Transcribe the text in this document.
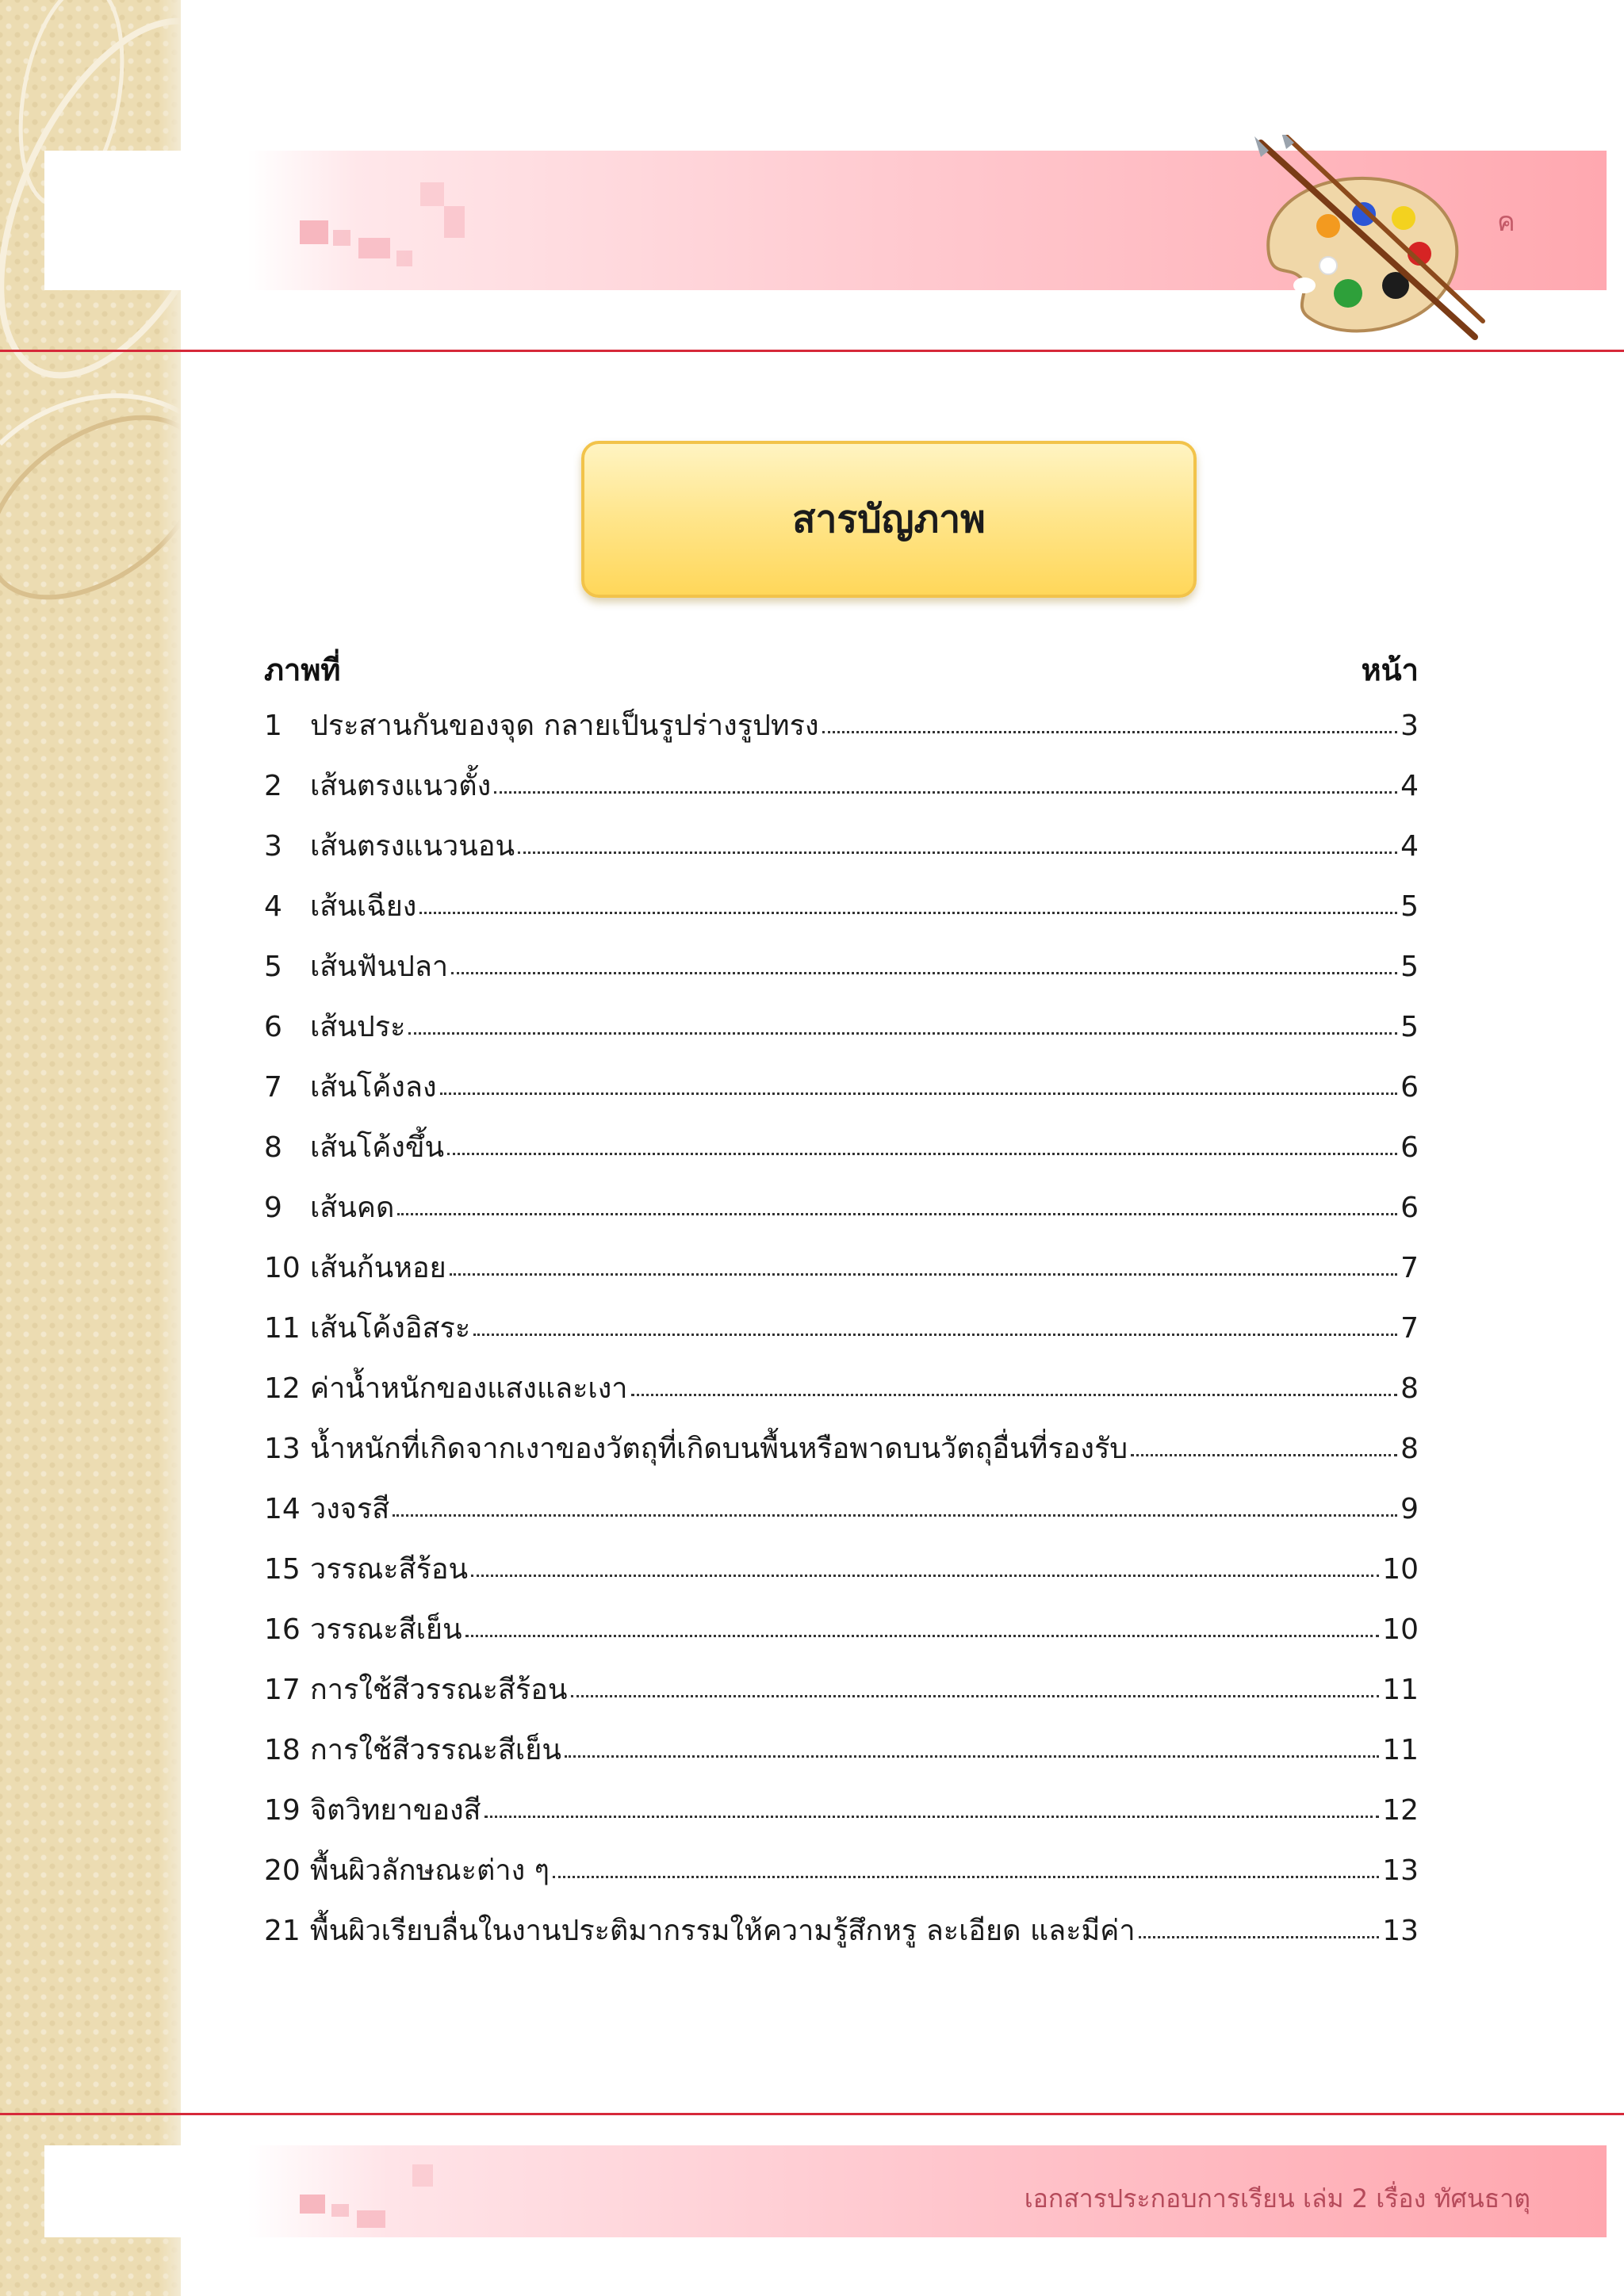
ค
สารบัญภาพ
ภาพที่	หน้า
1 ประสานกันของจุด กลายเป็นรูปร่างรูปทรง	3
2 เส้นตรงแนวตั้ง	4
3 เส้นตรงแนวนอน	4
4 เส้นเฉียง	5
5 เส้นฟันปลา	5
6 เส้นประ	5
7 เส้นโค้งลง	6
8 เส้นโค้งขึ้น	6
9 เส้นคด	6
10 เส้นก้นหอย	7
11 เส้นโค้งอิสระ	7
12 ค่าน้ำหนักของแสงและเงา	8
13 น้ำหนักที่เกิดจากเงาของวัตถุที่เกิดบนพื้นหรือพาดบนวัตถุอื่นที่รองรับ	8
14 วงจรสี	9
15 วรรณะสีร้อน	10
16 วรรณะสีเย็น	10
17 การใช้สีวรรณะสีร้อน	11
18 การใช้สีวรรณะสีเย็น	11
19 จิตวิทยาของสี	12
20 พื้นผิวลักษณะต่าง ๆ	13
21 พื้นผิวเรียบลื่นในงานประติมากรรมให้ความรู้สึกหรู ละเอียด และมีค่า	13
เอกสารประกอบการเรียน เล่ม 2 เรื่อง ทัศนธาตุ
